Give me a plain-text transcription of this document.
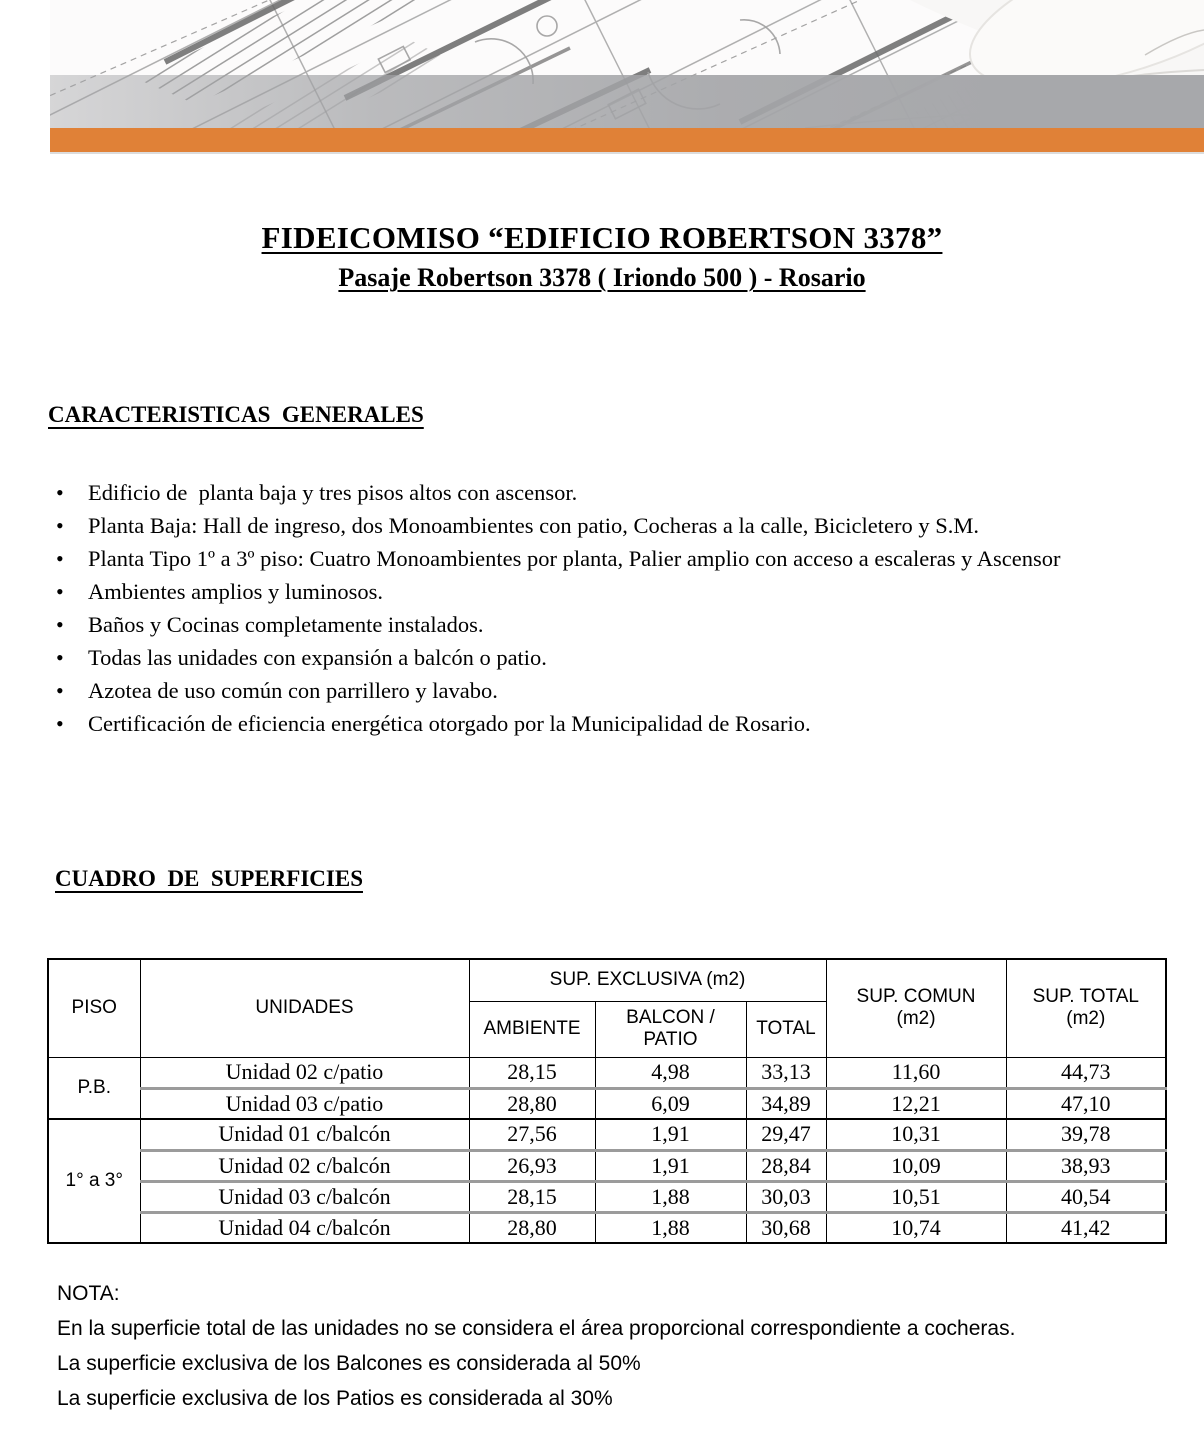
FIDEICOMISO “EDIFICIO ROBERTSON 3378”
Pasaje Robertson 3378 ( Iriondo 500 ) - Rosario
CARACTERISTICAS  GENERALES
• Edificio de  planta baja y tres pisos altos con ascensor.
• Planta Baja: Hall de ingreso, dos Monoambientes con patio, Cocheras a la calle, Bicicletero y S.M.
• Planta Tipo 1º a 3º piso: Cuatro Monoambientes por planta, Palier amplio con acceso a escaleras y Ascensor
• Ambientes amplios y luminosos.
• Baños y Cocinas completamente instalados.
• Todas las unidades con expansión a balcón o patio.
• Azotea de uso común con parrillero y lavabo.
• Certificación de eficiencia energética otorgado por la Municipalidad de Rosario.
CUADRO  DE  SUPERFICIES
PISO	UNIDADES	SUP. EXCLUSIVA (m2)			SUP. COMUN (m2)	SUP. TOTAL (m2)
		AMBIENTE	BALCON / PATIO	TOTAL		
P.B.	Unidad 02 c/patio	28,15	4,98	33,13	11,60	44,73
	Unidad 03 c/patio	28,80	6,09	34,89	12,21	47,10
1° a 3°	Unidad 01 c/balcón	27,56	1,91	29,47	10,31	39,78
	Unidad 02 c/balcón	26,93	1,91	28,84	10,09	38,93
	Unidad 03 c/balcón	28,15	1,88	30,03	10,51	40,54
	Unidad 04 c/balcón	28,80	1,88	30,68	10,74	41,42

NOTA:

En la superficie total de las unidades no se considera el área proporcional correspondiente a cocheras.

La superficie exclusiva de los Balcones es considerada al 50%

La superficie exclusiva de los Patios es considerada al 30%
